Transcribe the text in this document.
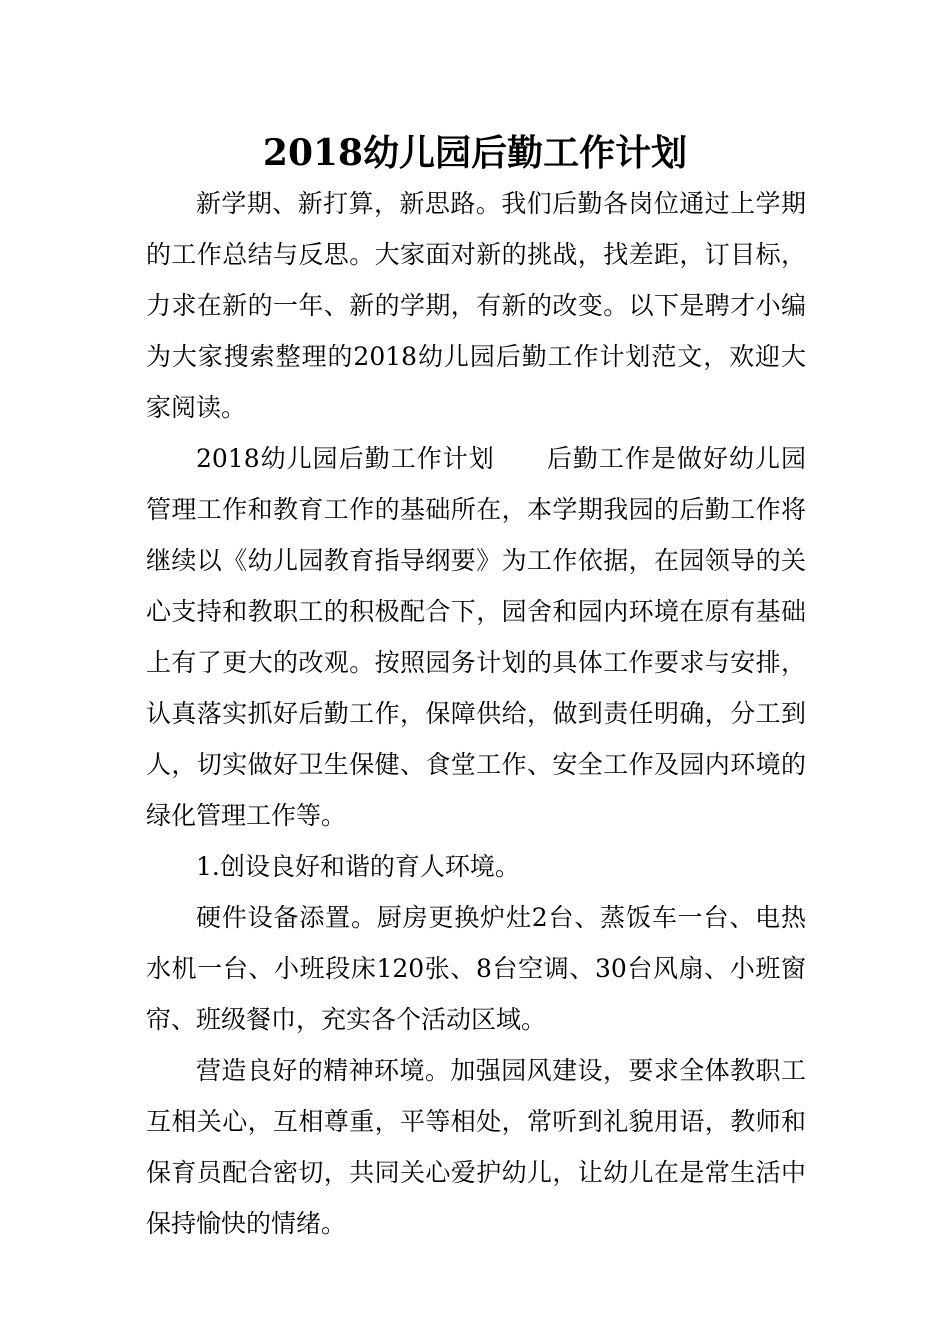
2018幼儿园后勤工作计划

新学期、新打算，新思路。我们后勤各岗位通过上学期的工作总结与反思。大家面对新的挑战，找差距，订目标，力求在新的一年、新的学期，有新的改变。以下是聘才小编为大家搜索整理的2018幼儿园后勤工作计划范文，欢迎大家阅读。

2018幼儿园后勤工作计划　　后勤工作是做好幼儿园管理工作和教育工作的基础所在，本学期我园的后勤工作将继续以《幼儿园教育指导纲要》为工作依据，在园领导的关心支持和教职工的积极配合下，园舍和园内环境在原有基础上有了更大的改观。按照园务计划的具体工作要求与安排，认真落实抓好后勤工作，保障供给，做到责任明确，分工到人，切实做好卫生保健、食堂工作、安全工作及园内环境的绿化管理工作等。

1.创设良好和谐的育人环境。

硬件设备添置。厨房更换炉灶2台、蒸饭车一台、电热水机一台、小班段床120张、8台空调、30台风扇、小班窗帘、班级餐巾，充实各个活动区域。

营造良好的精神环境。加强园风建设，要求全体教职工互相关心，互相尊重，平等相处，常听到礼貌用语，教师和保育员配合密切，共同关心爱护幼儿，让幼儿在是常生活中保持愉快的情绪。
